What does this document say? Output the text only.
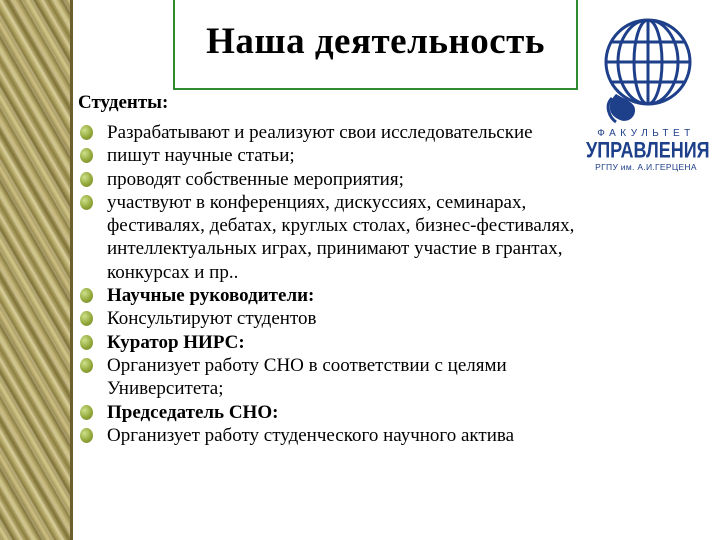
Наша деятельность
ФАКУЛЬТЕТ
УПРАВЛЕНИЯ
РГПУ им. А.И.ГЕРЦЕНА
Студенты:
Разрабатывают и реализуют свои исследовательские
пишут научные статьи;
проводят собственные мероприятия;
участвуют в конференциях, дискуссиях, семинарах, фестивалях, дебатах, круглых столах, бизнес-фестивалях, интеллектуальных играх, принимают участие в грантах, конкурсах и пр..
Научные руководители:
Консультируют студентов
Куратор НИРС:
Организует работу СНО в соответствии с целями Университета;
Председатель СНО:
Организует работу студенческого научного актива
